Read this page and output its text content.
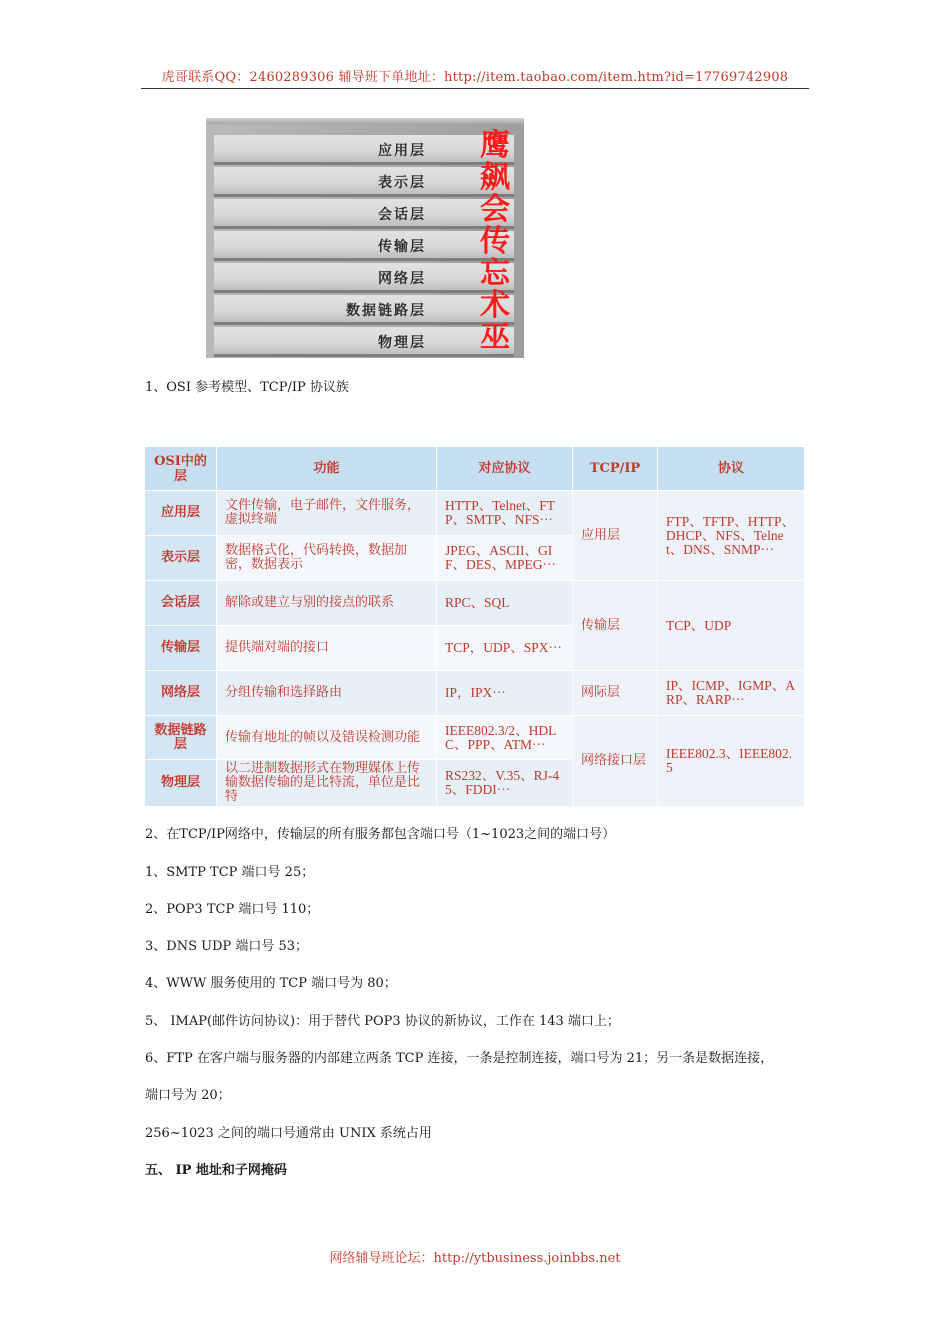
虎哥联系QQ：2460289306 辅导班下单地址：http://item.taobao.com/item.htm?id=17769742908
应用层 鹰
表示层 飙
会话层 会
传输层 传
网络层 忘
数据链路层 术
物理层 巫
1、OSI 参考模型、TCP/IP 协议族
OSI中的层	功能	对应协议	TCP/IP	协议
应用层	文件传输，电子邮件，文件服务，虚拟终端	HTTP、Telnet、FTP、SMTP、NFS···	应用层	FTP、TFTP、HTTP、DHCP、NFS、Telnet、DNS、SNMP···
表示层	数据格式化，代码转换，数据加密，数据表示	JPEG、ASCII、GIF、DES、MPEG···		
会话层	解除或建立与别的接点的联系	RPC、SQL	传输层	TCP、UDP
传输层	提供端对端的接口	TCP，UDP、SPX···		
网络层	分组传输和选择路由	IP，IPX···	网际层	IP、ICMP、IGMP、ARP、RARP···
数据链路层	传输有地址的帧以及错误检测功能	IEEE802.3/2、HDLC、PPP、ATM···	网络接口层	IEEE802.3、IEEE802.5
物理层	以二进制数据形式在物理媒体上传输数据传输的是比特流，单位是比特	RS232、V.35、RJ-45、FDDI···		
2、在TCP/IP网络中，传输层的所有服务都包含端口号（1~1023之间的端口号）
1、SMTP TCP 端口号 25；
2、POP3 TCP 端口号 110；
3、DNS UDP 端口号 53；
4、WWW 服务使用的 TCP 端口号为 80；
5、 IMAP(邮件访问协议)：用于替代 POP3 协议的新协议，工作在 143 端口上；
6、FTP 在客户端与服务器的内部建立两条 TCP 连接，一条是控制连接，端口号为 21；另一条是数据连接，
端口号为 20；
256~1023 之间的端口号通常由 UNIX 系统占用
五、 IP 地址和子网掩码
网络辅导班论坛：http://ytbusiness.joinbbs.net
